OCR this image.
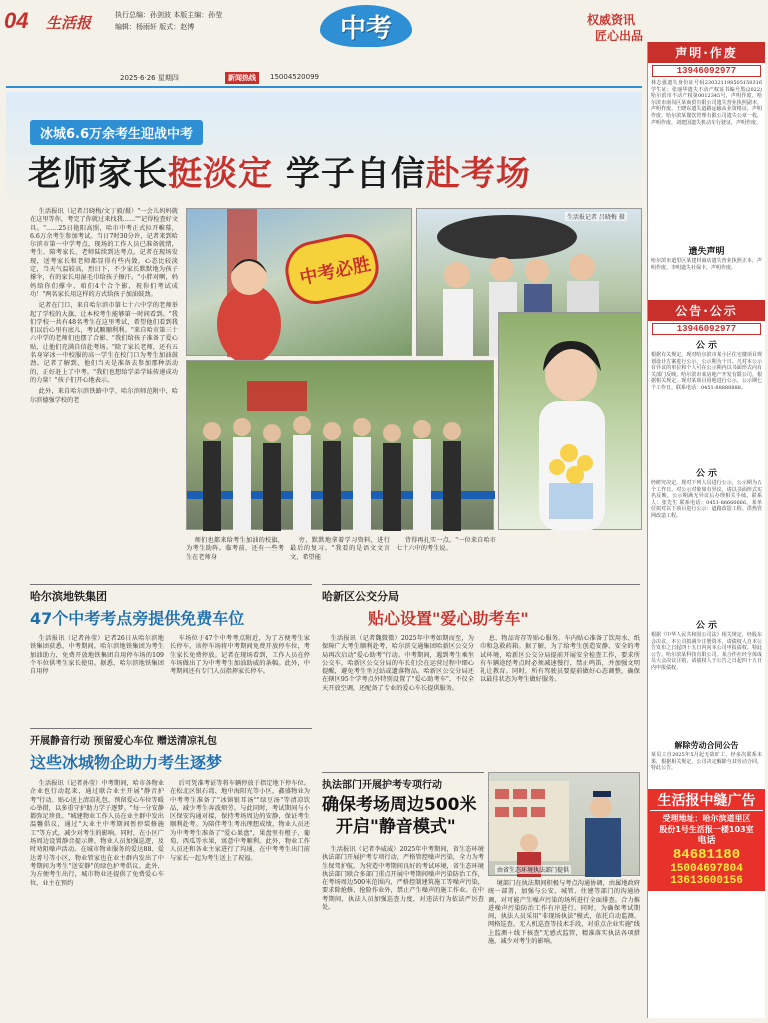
04 生活报	执行总编：孙剑波 本版主编：孙莹
编辑：杨雨轩 版式：赵博	中考	权威资讯
匠心出品
2025·6·26 星期四	新闻热线	15004520099
冰城6.6万余考生迎战中考
老师家长挺淡定 学子自信赴考场

生活报讯（记者吕晓梅/文丁毅/摄）"一会儿妈妈就在这里等你，考完了你就过来找我……""记得检查好文具。"……25日艳阳高照，哈市中考正式拉开帷幕，6.6万余考生参加考试。当日7时30分许，记者来到哈尔滨市第一中学考点，现场的工作人员已准备就绪，考生、陪考家长、老师陆续到达考点。记者在现场发现，送考家长和老师都显得有些内敛，心态比较淡定，当天气温较高，烈日下，不少家长默默地为孩子撑伞，有的家长用湿毛巾给孩子擦汗。"小胖对啊，妈妈给你们撑伞，咱们4个合个影，祝你们考试成功！"两名家长用这样的方式给孩子加油鼓劲。

记者在门口，来自哈尔滨市第七十六中学的老师举起了学校的大旗，让本校考生能够第一时间看到。"我们学校一共有48名考生在这里考试，希望他们看到我们以后心里有底儿，考试顺顺利利。"来自哈市第三十六中学的老师们也摆了合影、"我们给孩子准备了爱心贴，让他们充满自信赴考场。"除了家长老师，还有五名身穿冰一中校服的高一学生在校门口为考生加油鼓劲。记者了解到，他们当天是准备去参加那种活动的，正好赶上了中考。"我们也想给学弟学妹传递成功的力量！"孩子们开心地表示。

此外，来自哈尔滨铁路中学、哈尔滨师范附中、哈尔滨德强学校的老

中考必胜
生活报记者 吕晓梅 摄

师们也都来给考生加油的校旗，为考生助阵。临考前，还有一些考生在老师身

旁，默默地拿着学习资料，进行最后的复习。"我看的是语文文言文，希望能

背得再扎实一点。"一位来自哈市七十六中的考生说。

哈尔滨地铁集团
47个中考考点旁提供免费车位

生活报讯（记者孙莹）记者26日从哈尔滨地铁集团获悉，中考期间，哈尔滨地铁集团为考生加油助力，免费开放地铁集团自用停车场的109个车位供考生家长使用。据悉，哈尔滨地铁集团自用停

车场位于47个中考考点附近，为了方便考生家长停车，该停车场将中考期间免费开放停车位，考生家长免费停放。记者在现场看到，工作人员在停车场做出了为中考考生加油助威的条幅。此外，中考期间还有专门人员指挥家长停车。

哈新区公交分局
贴心设置"爱心助考车"

生活报讯（记者魏微微）2025年中考如期而至，为保障广大考生顺利赴考，哈尔滨交通集团哈新区公交分局再次启动"爱心助考"行动。中考期间，遇到考生乘坐公交车，哈新区公交分局的车长们会在运营过程中细心提醒，避免考生坐过站或遗落物品。哈新区公交分局还在辖区95个学考点外特别设置了"爱心助考车"，不仅全天开放空调，还配备了专业的爱心车长提供服务。

息、物品寄存等贴心服务。车内贴心准备了饮用水、纸巾和急救药箱。据了解，为了给考生创造安静、安全的考试环境，哈新区公交分局提前开展安全检查工作，要求所有车辆途经考点时必须减速慢行，禁止鸣笛，并加强文明礼让教育。同时，所有驾驶员要提前做好心态调整，确保以最佳状态为考生做好服务。

开展静音行动 预留爱心车位 赠送清凉礼包
这些冰城物企助力考生逐梦

生活报讯（记者孙莹）中考期间，哈市各物业企业也行动起来，通过联合业主开展"静音护考"行动、贴心送上清凉礼包、预留爱心车位等暖心举措，以多重守护助力学子逐梦。"每一分安静都弥足珍贵。"城建物业工作人员在业主群中发出温馨倡议，通过"大业主中考期间暂停装修施工"等方式，减少对考生的影响。同时，在小区广场周边设置静音提示牌，物业人员加强巡逻，及时劝阻噪声活动。在城市物业服务的爱达88、爱达菁号等小区，物业管家也在业主群内发出了中考期间为考生"送安静"的绿色护考倡议。此外，为方便考生出行，城市物业还提供了免费爱心车位，业主在预约

后可凭准考证等将车辆停放于指定地下停车位。在松北区银石湾、地中海阳光等小区，鑫盛物业为中考考生准备了"冰镇银耳汤""绿豆汤"等清凉饮品，减少考生奔波烦劳。与此同时，考试期间与小区保安沟通对接，保持考场周边的安静，保证考生顺利赴考。为陪伴考生考出理想成绩，物业人员还为中考考生准备了"爱心果盘"，果盘里有橙子、葡萄、西瓜等水果，寓意中考顺利。此外，物业工作人员还和各业主家进行了沟通，在中考考生出门前与家长一起为考生送上了祝福。

执法部门开展护考专项行动
确保考场周边500米
开启"静音模式"
由省生态环境执法部门提供

生活报讯（记者李威威）2025年中考期间，省生态环境执法部门开展护考专项行动，严格管控噪声污染，全力为考生保驾护航。为营造中考期间良好的考试环境，省生态环境执法部门联合多部门重点开展中考期间噪声污染防治工作，在考场周边500米范围内，严格控制建筑施工等噪声污染，要求除抢修、抢险作业外，禁止产生噪声的施工作业。在中考期间，执法人员加强巡查力度，对违法行为依法严厉查处。

境部门在执法期间积极与考点沟通协调，由属地政府统一部署，加强与公安、城管、住建等部门的沟通协调，对可能产生噪声污染的场所进行全面排查。合力推进噪声污染防治工作有序进行。同时，为确保考试期间，执法人员采用"非现场执法"模式，依托自动监测、网格巡查、无人机巡查等技术手段，对重点企业实施"线上监测＋线下核查"无感式监管，精准落实执法各项措施，减少对考生的影响。

声明·作废
13946092977
林志强遗失身份证号码230321198505150316学生证；张丽华遗失不动产权证书编号黑(2022)哈尔滨市不动产权第0012345号，声明作废。哈尔滨市南岗区某商贸有限公司遗失营业执照副本，声明作废。王晓东遗失道路运输从业资格证，声明作废。哈尔滨某餐饮管理有限公司遗失公章一枚，声明作废。刘建国遗失机动车行驶证，声明作废。
遗失声明
哈尔滨市道里区某建材商店遗失营业执照正本，声明作废。李明遗失社保卡，声明作废。
公告·公示
13946092977
公 示
根据有关规定，现对哈尔滨市某小区住宅楼项目规划设计方案进行公示，公示期为十日。凡对本公示有异议的单位和个人可在公示期内以书面形式向有关部门反映。哈尔滨市某房地产开发有限公司。根据相关规定，现对某项目用地进行公示，公示期七个工作日。联系电话：0451-88888888。
公 示
经研究决定，现对下列人员进行公示，公示期为五个工作日。对公示对象如有异议，请以书面形式实名反映。公示期满无异议后办理相关手续。联系人：张先生 联系电话：0451-86666666。某单位拟对以下项目进行公示：道路改造工程、供热管网改造工程。
公 示
根据《中华人民共和国公司法》相关规定，经股东会决议，本公司拟减少注册资本，请债权人自本公告发布之日起四十五日内向本公司申报债权。特此公告。哈尔滨某科技有限公司。某合作社经全体成员大会决议注销，请债权人于公告之日起四十五日内申报债权。
解除劳动合同公告
某员工自2025年5月起无故旷工，经多次联系未果，根据相关规定，公司决定解除与其劳动合同，特此公告。
生活报中缝广告
受理地址：哈尔滨道里区
股份1号生活报一楼103室
电话
84681180
15004697804
13613600156
